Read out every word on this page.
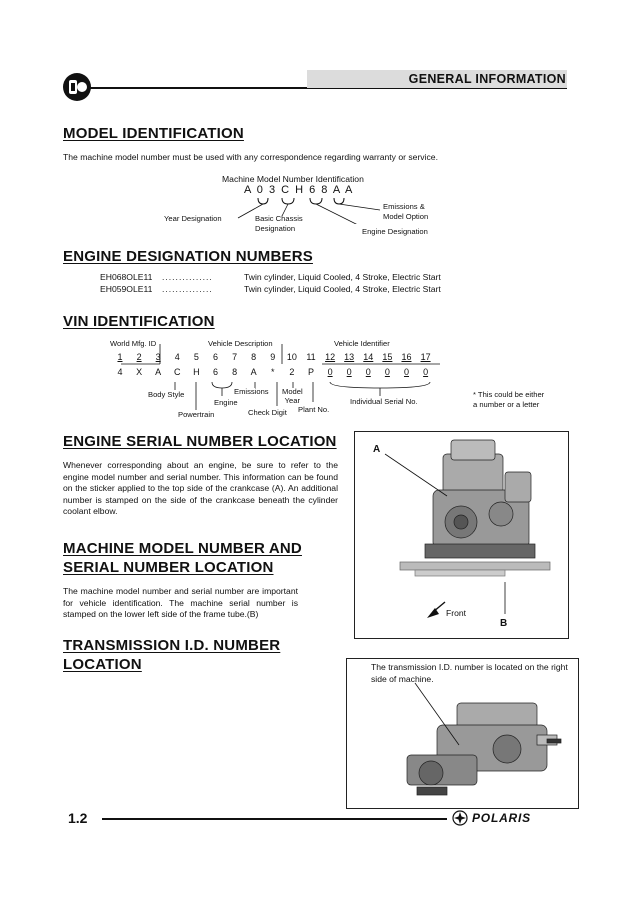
GENERAL INFORMATION
MODEL IDENTIFICATION
The machine model number must be used with any correspondence regarding warranty or service.
Machine Model Number Identification
A 0 3 C H 6 8 A A
Year Designation	Basic Chassis
Designation
Emissions &
Model Option
Engine Designation
ENGINE DESIGNATION NUMBERS
EH068OLE11	...............	Twin cylinder, Liquid Cooled, 4 Stroke, Electric Start
EH059OLE11	...............	Twin cylinder, Liquid Cooled, 4 Stroke, Electric Start
VIN IDENTIFICATION
World Mfg. ID	Vehicle Description	Vehicle Identifier
1	2	3	4	5	6	7	8	9	10 11 12 13 14 15 16 17
4	X	A	C	H	6	8	A	*	2	P	0	0	0	0	0	0
Body Style
Powertrain
Engine
Emissions Model
Year
Check Digit Plant No.
Individual Serial No.
* This could be either
a number or a letter
ENGINE SERIAL NUMBER LOCATION
Whenever corresponding about an engine, be sure to refer to the engine model number and serial number. This information can be found on the sticker applied to the top side of the crankcase (A). An additional number is stamped on the side of the crankcase beneath the cylinder coolant elbow.
A
B
Front
MACHINE MODEL NUMBER AND
SERIAL NUMBER LOCATION
The machine model number and serial number are important for vehicle identification. The machine serial number is stamped on the lower left side of the frame tube.(B)
TRANSMISSION I.D. NUMBER
LOCATION	The transmission I.D. number is located on the right side of machine.
1.2	POLARIS
